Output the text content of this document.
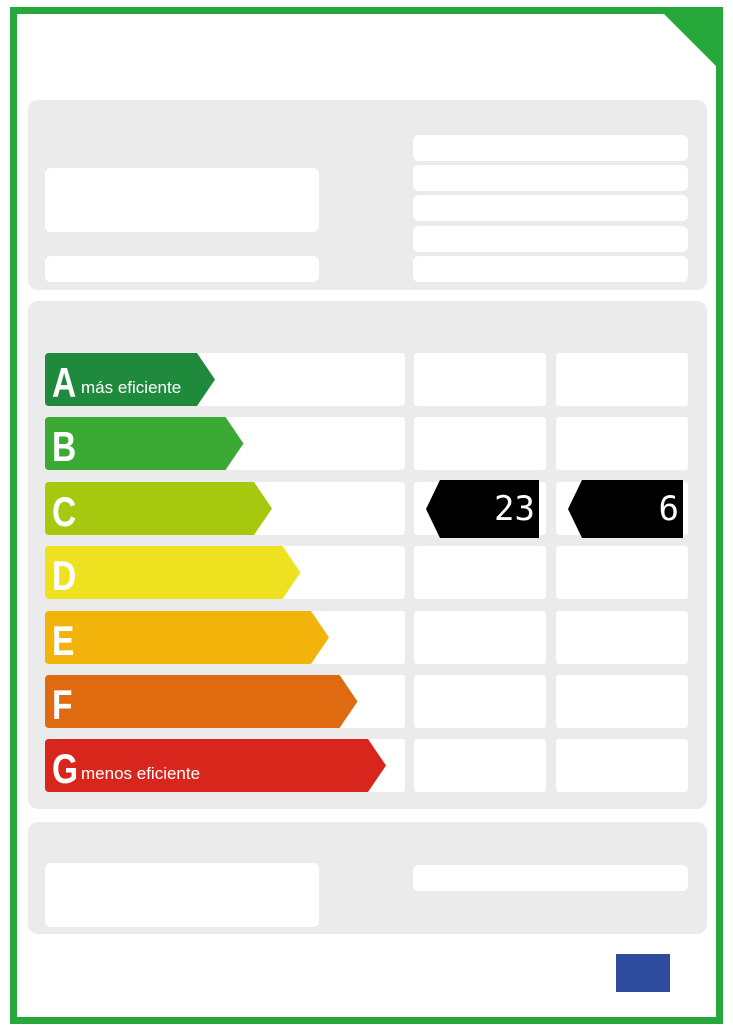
A más eficiente
B
C	23	6
D
E
F
G menos eficiente
